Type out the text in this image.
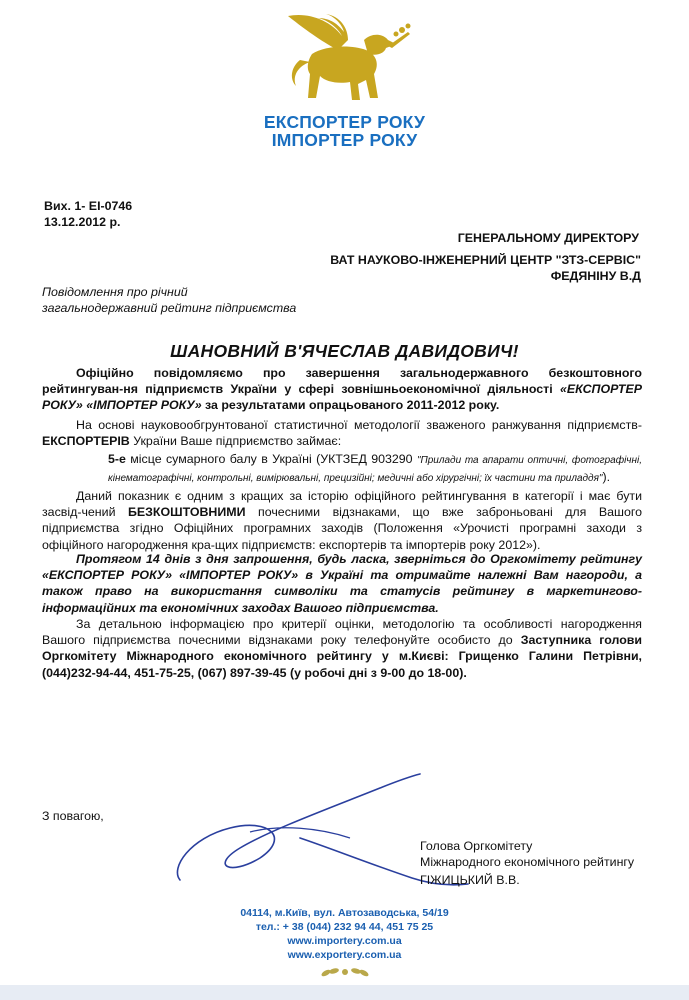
ЕКСПОРТЕР РОКУ
ІМПОРТЕР РОКУ
Вих. 1- ЕІ-0746
13.12.2012 р.
ГЕНЕРАЛЬНОМУ ДИРЕКТОРУ
ВАТ НАУКОВО-ІНЖЕНЕРНИЙ ЦЕНТР "ЗТЗ-СЕРВІС"
ФЕДЯНІНУ В.Д
Повідомлення про річний
загальнодержавний рейтинг підприємства
ШАНОВНИЙ В'ЯЧЕСЛАВ ДАВИДОВИЧ!

Офіційно повідомляємо про завершення загальнодержавного безкоштовного рейтингуван-ня підприємств України у сфері зовнішньоекономічної діяльності «ЕКСПОРТЕР РОКУ» «ІМПОРТЕР РОКУ» за результатами опрацьованого 2011-2012 року.

На основі науковообгрунтованої статистичної методології зваженого ранжування підприємств-ЕКСПОРТЕРІВ України Ваше підприємство займає:

5-е місце сумарного балу в Україні (УКТЗЕД 903290 "Прилади та апарати оптичні, фотографічні, кінематографічні, контрольні, вимірювальні, прецизійні; медичні або хірургічні; їх частини та приладдя").

Даний показник є одним з кращих за історію офіційного рейтингування в категорії і має бути засвід-чений БЕЗКОШТОВНИМИ почесними відзнаками, що вже заброньовані для Вашого підприємства згідно Офіційних програмних заходів (Положення «Урочисті програмні заходи з офіційного нагородження кра-щих підприємств: експортерів та імпортерів року 2012»).

Протягом 14 днів з дня запрошення, будь ласка, зверніться до Оргкомітету рейтингу «ЕКСПОРТЕР РОКУ» «ІМПОРТЕР РОКУ» в Україні та отримайте належні Вам нагороди, а також право на використання символіки та статусів рейтингу в маркетингово-інформаційних та економічних заходах Вашого підприємства.

За детальною інформацією про критерії оцінки, методологію та особливості нагородження Вашого підприємства почесними відзнаками року телефонуйте особисто до Заступника голови Оргкомітету Міжнародного економічного рейтингу у м.Києві: Грищенко Галини Петрівни, (044)232-94-44, 451-75-25, (067) 897-39-45 (у робочі дні з 9-00 до 18-00).

З повагою,
Голова Оргкомітету
Міжнародного економічного рейтингу
ГІЖИЦЬКИЙ В.В.
04114, м.Київ, вул. Автозаводська, 54/19
тел.: + 38 (044) 232 94 44, 451 75 25
www.importery.com.ua
www.exportery.com.ua
